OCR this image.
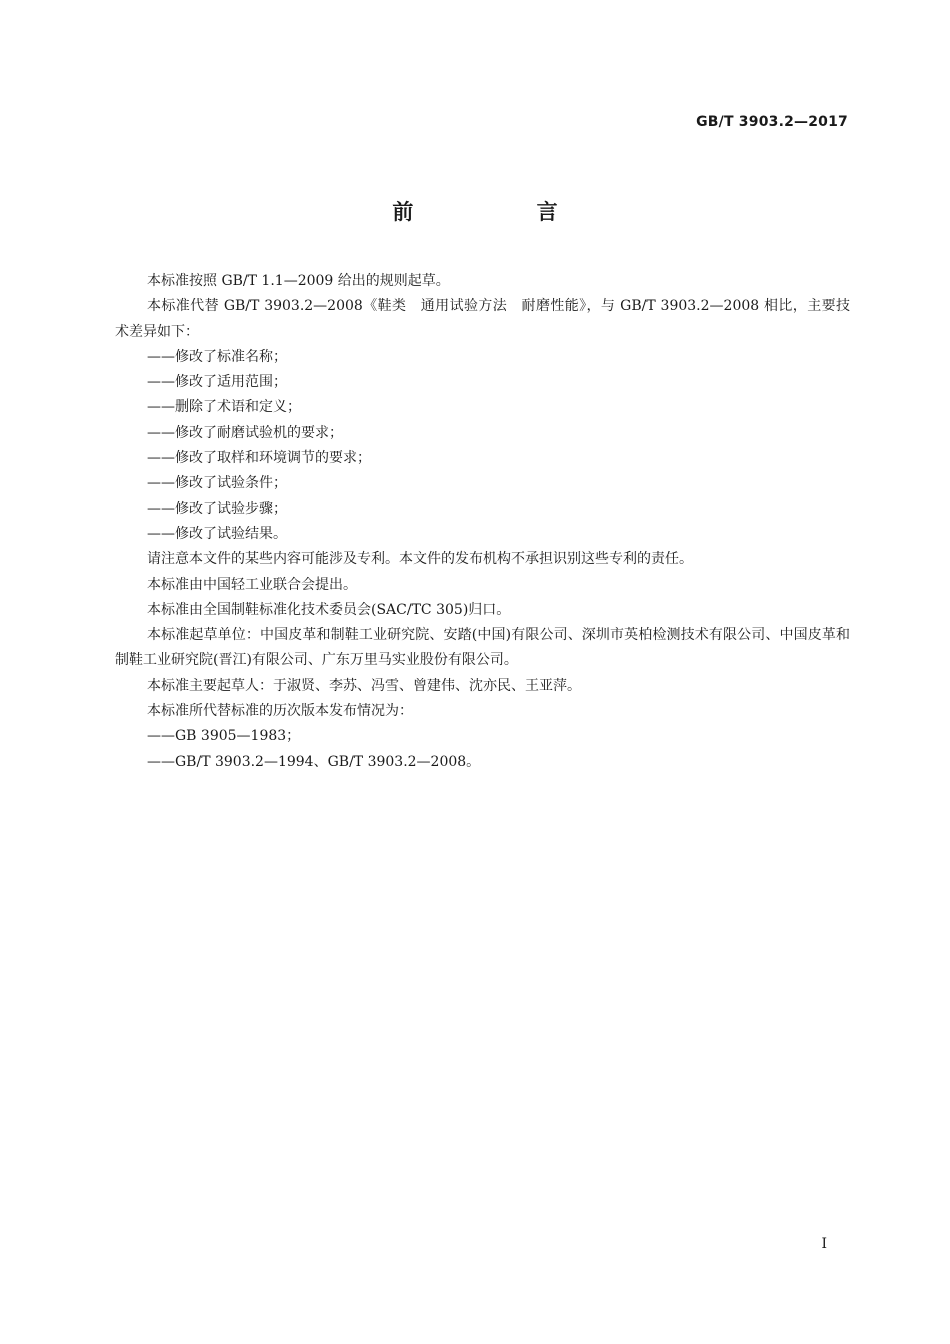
GB/T 3903.2—2017
前 言

本标准按照 GB/T 1.1—2009 给出的规则起草。

本标准代替 GB/T 3903.2—2008《鞋类　通用试验方法　耐磨性能》，与 GB/T 3903.2—2008 相比，主要技术差异如下：

——修改了标准名称；

——修改了适用范围；

——删除了术语和定义；

——修改了耐磨试验机的要求；

——修改了取样和环境调节的要求；

——修改了试验条件；

——修改了试验步骤；

——修改了试验结果。

请注意本文件的某些内容可能涉及专利。本文件的发布机构不承担识别这些专利的责任。

本标准由中国轻工业联合会提出。

本标准由全国制鞋标准化技术委员会(SAC/TC 305)归口。

本标准起草单位：中国皮革和制鞋工业研究院、安踏(中国)有限公司、深圳市英柏检测技术有限公司、中国皮革和制鞋工业研究院(晋江)有限公司、广东万里马实业股份有限公司。

本标准主要起草人：于淑贤、李苏、冯雪、曾建伟、沈亦民、王亚萍。

本标准所代替标准的历次版本发布情况为：

——GB 3905—1983；

——GB/T 3903.2—1994、GB/T 3903.2—2008。

I
